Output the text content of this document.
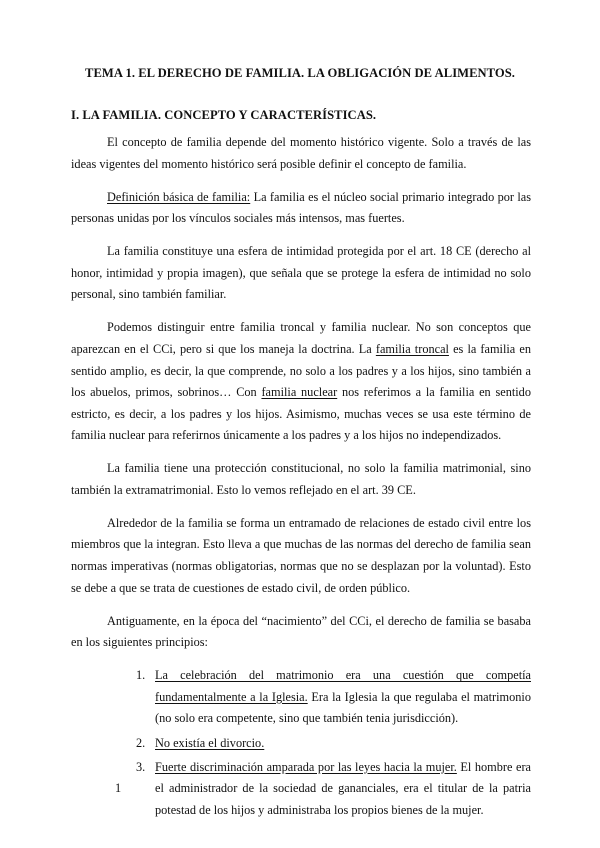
TEMA 1. EL DERECHO DE FAMILIA. LA OBLIGACIÓN DE ALIMENTOS.
I. LA FAMILIA. CONCEPTO Y CARACTERÍSTICAS.

El concepto de familia depende del momento histórico vigente. Solo a través de las ideas vigentes del momento histórico será posible definir el concepto de familia.

Definición básica de familia: La familia es el núcleo social primario integrado por las personas unidas por los vínculos sociales más intensos, mas fuertes.

La familia constituye una esfera de intimidad protegida por el art. 18 CE (derecho al honor, intimidad y propia imagen), que señala que se protege la esfera de intimidad no solo personal, sino también familiar.

Podemos distinguir entre familia troncal y familia nuclear. No son conceptos que aparezcan en el CCi, pero si que los maneja la doctrina. La familia troncal es la familia en sentido amplio, es decir, la que comprende, no solo a los padres y a los hijos, sino también a los abuelos, primos, sobrinos… Con familia nuclear nos referimos a la familia en sentido estricto, es decir, a los padres y los hijos. Asimismo, muchas veces se usa este término de familia nuclear para referirnos únicamente a los padres y a los hijos no independizados.

La familia tiene una protección constitucional, no solo la familia matrimonial, sino también la extramatrimonial. Esto lo vemos reflejado en el art. 39 CE.

Alrededor de la familia se forma un entramado de relaciones de estado civil entre los miembros que la integran. Esto lleva a que muchas de las normas del derecho de familia sean normas imperativas (normas obligatorias, normas que no se desplazan por la voluntad). Esto se debe a que se trata de cuestiones de estado civil, de orden público.

Antiguamente, en la época del “nacimiento” del CCi, el derecho de familia se basaba en los siguientes principios:

1. La celebración del matrimonio era una cuestión que competía fundamentalmente a la Iglesia. Era la Iglesia la que regulaba el matrimonio (no solo era competente, sino que también tenia jurisdicción).
2. No existía el divorcio.
3. Fuerte discriminación amparada por las leyes hacia la mujer. El hombre era el administrador de la sociedad de gananciales, era el titular de la patria potestad de los hijos y administraba los propios bienes de la mujer.
1
